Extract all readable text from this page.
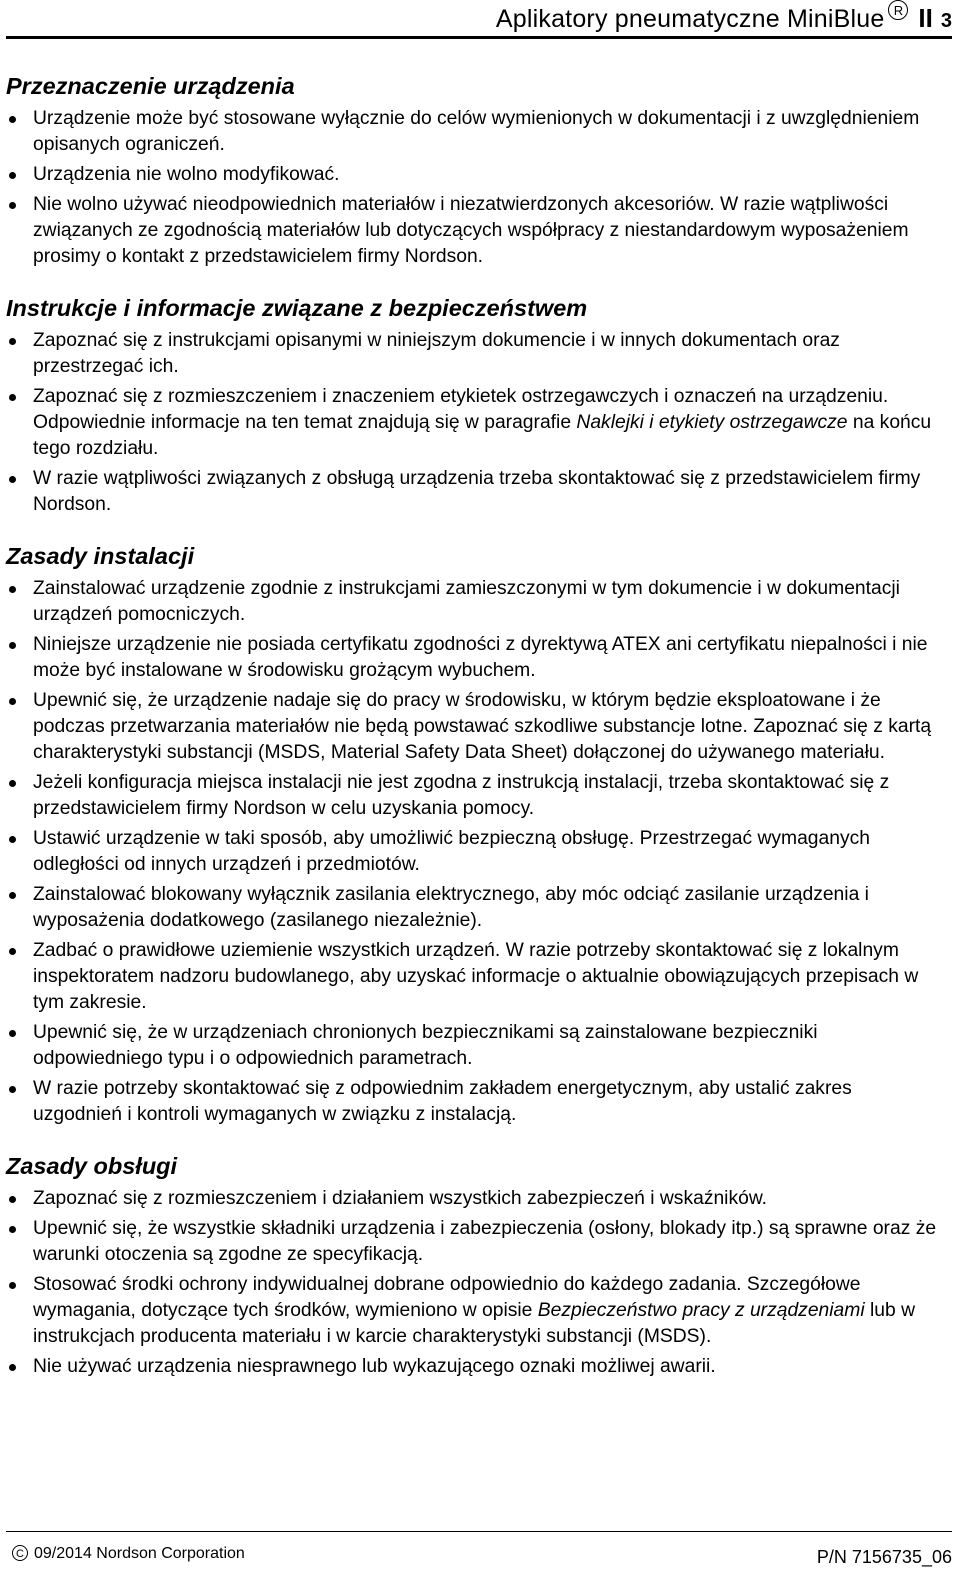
Aplikatory pneumatyczne MiniBlue R II 3
Przeznaczenie urządzenia
Urządzenie może być stosowane wyłącznie do celów wymienionych w dokumentacji i z uwzględnieniem opisanych ograniczeń.
Urządzenia nie wolno modyfikować.
Nie wolno używać nieodpowiednich materiałów i niezatwierdzonych akcesoriów. W razie wątpliwości związanych ze zgodnością materiałów lub dotyczących współpracy z niestandardowym wyposażeniem prosimy o kontakt z przedstawicielem firmy Nordson.
Instrukcje i informacje związane z bezpieczeństwem
Zapoznać się z instrukcjami opisanymi w niniejszym dokumencie i w innych dokumentach oraz przestrzegać ich.
Zapoznać się z rozmieszczeniem i znaczeniem etykietek ostrzegawczych i oznaczeń na urządzeniu. Odpowiednie informacje na ten temat znajdują się w paragrafie Naklejki i etykiety ostrzegawcze na końcu tego rozdziału.
W razie wątpliwości związanych z obsługą urządzenia trzeba skontaktować się z przedstawicielem firmy Nordson.
Zasady instalacji
Zainstalować urządzenie zgodnie z instrukcjami zamieszczonymi w tym dokumencie i w dokumentacji urządzeń pomocniczych.
Niniejsze urządzenie nie posiada certyfikatu zgodności z dyrektywą ATEX ani certyfikatu niepalności i nie może być instalowane w środowisku grożącym wybuchem.
Upewnić się, że urządzenie nadaje się do pracy w środowisku, w którym będzie eksploatowane i że podczas przetwarzania materiałów nie będą powstawać szkodliwe substancje lotne. Zapoznać się z kartą charakterystyki substancji (MSDS, Material Safety Data Sheet) dołączonej do używanego materiału.
Jeżeli konfiguracja miejsca instalacji nie jest zgodna z instrukcją instalacji, trzeba skontaktować się z przedstawicielem firmy Nordson w celu uzyskania pomocy.
Ustawić urządzenie w taki sposób, aby umożliwić bezpieczną obsługę. Przestrzegać wymaganych odległości od innych urządzeń i przedmiotów.
Zainstalować blokowany wyłącznik zasilania elektrycznego, aby móc odciąć zasilanie urządzenia i wyposażenia dodatkowego (zasilanego niezależnie).
Zadbać o prawidłowe uziemienie wszystkich urządzeń. W razie potrzeby skontaktować się z lokalnym inspektoratem nadzoru budowlanego, aby uzyskać informacje o aktualnie obowiązujących przepisach w tym zakresie.
Upewnić się, że w urządzeniach chronionych bezpiecznikami są zainstalowane bezpieczniki odpowiedniego typu i o odpowiednich parametrach.
W razie potrzeby skontaktować się z odpowiednim zakładem energetycznym, aby ustalić zakres uzgodnień i kontroli wymaganych w związku z instalacją.
Zasady obsługi
Zapoznać się z rozmieszczeniem i działaniem wszystkich zabezpieczeń i wskaźników.
Upewnić się, że wszystkie składniki urządzenia i zabezpieczenia (osłony, blokady itp.) są sprawne oraz że warunki otoczenia są zgodne ze specyfikacją.
Stosować środki ochrony indywidualnej dobrane odpowiednio do każdego zadania. Szczegółowe wymagania, dotyczące tych środków, wymieniono w opisie Bezpieczeństwo pracy z urządzeniami lub w instrukcjach producenta materiału i w karcie charakterystyki substancji (MSDS).
Nie używać urządzenia niesprawnego lub wykazującego oznaki możliwej awarii.
C 09/2014 Nordson Corporation	P/N 7156735_06
